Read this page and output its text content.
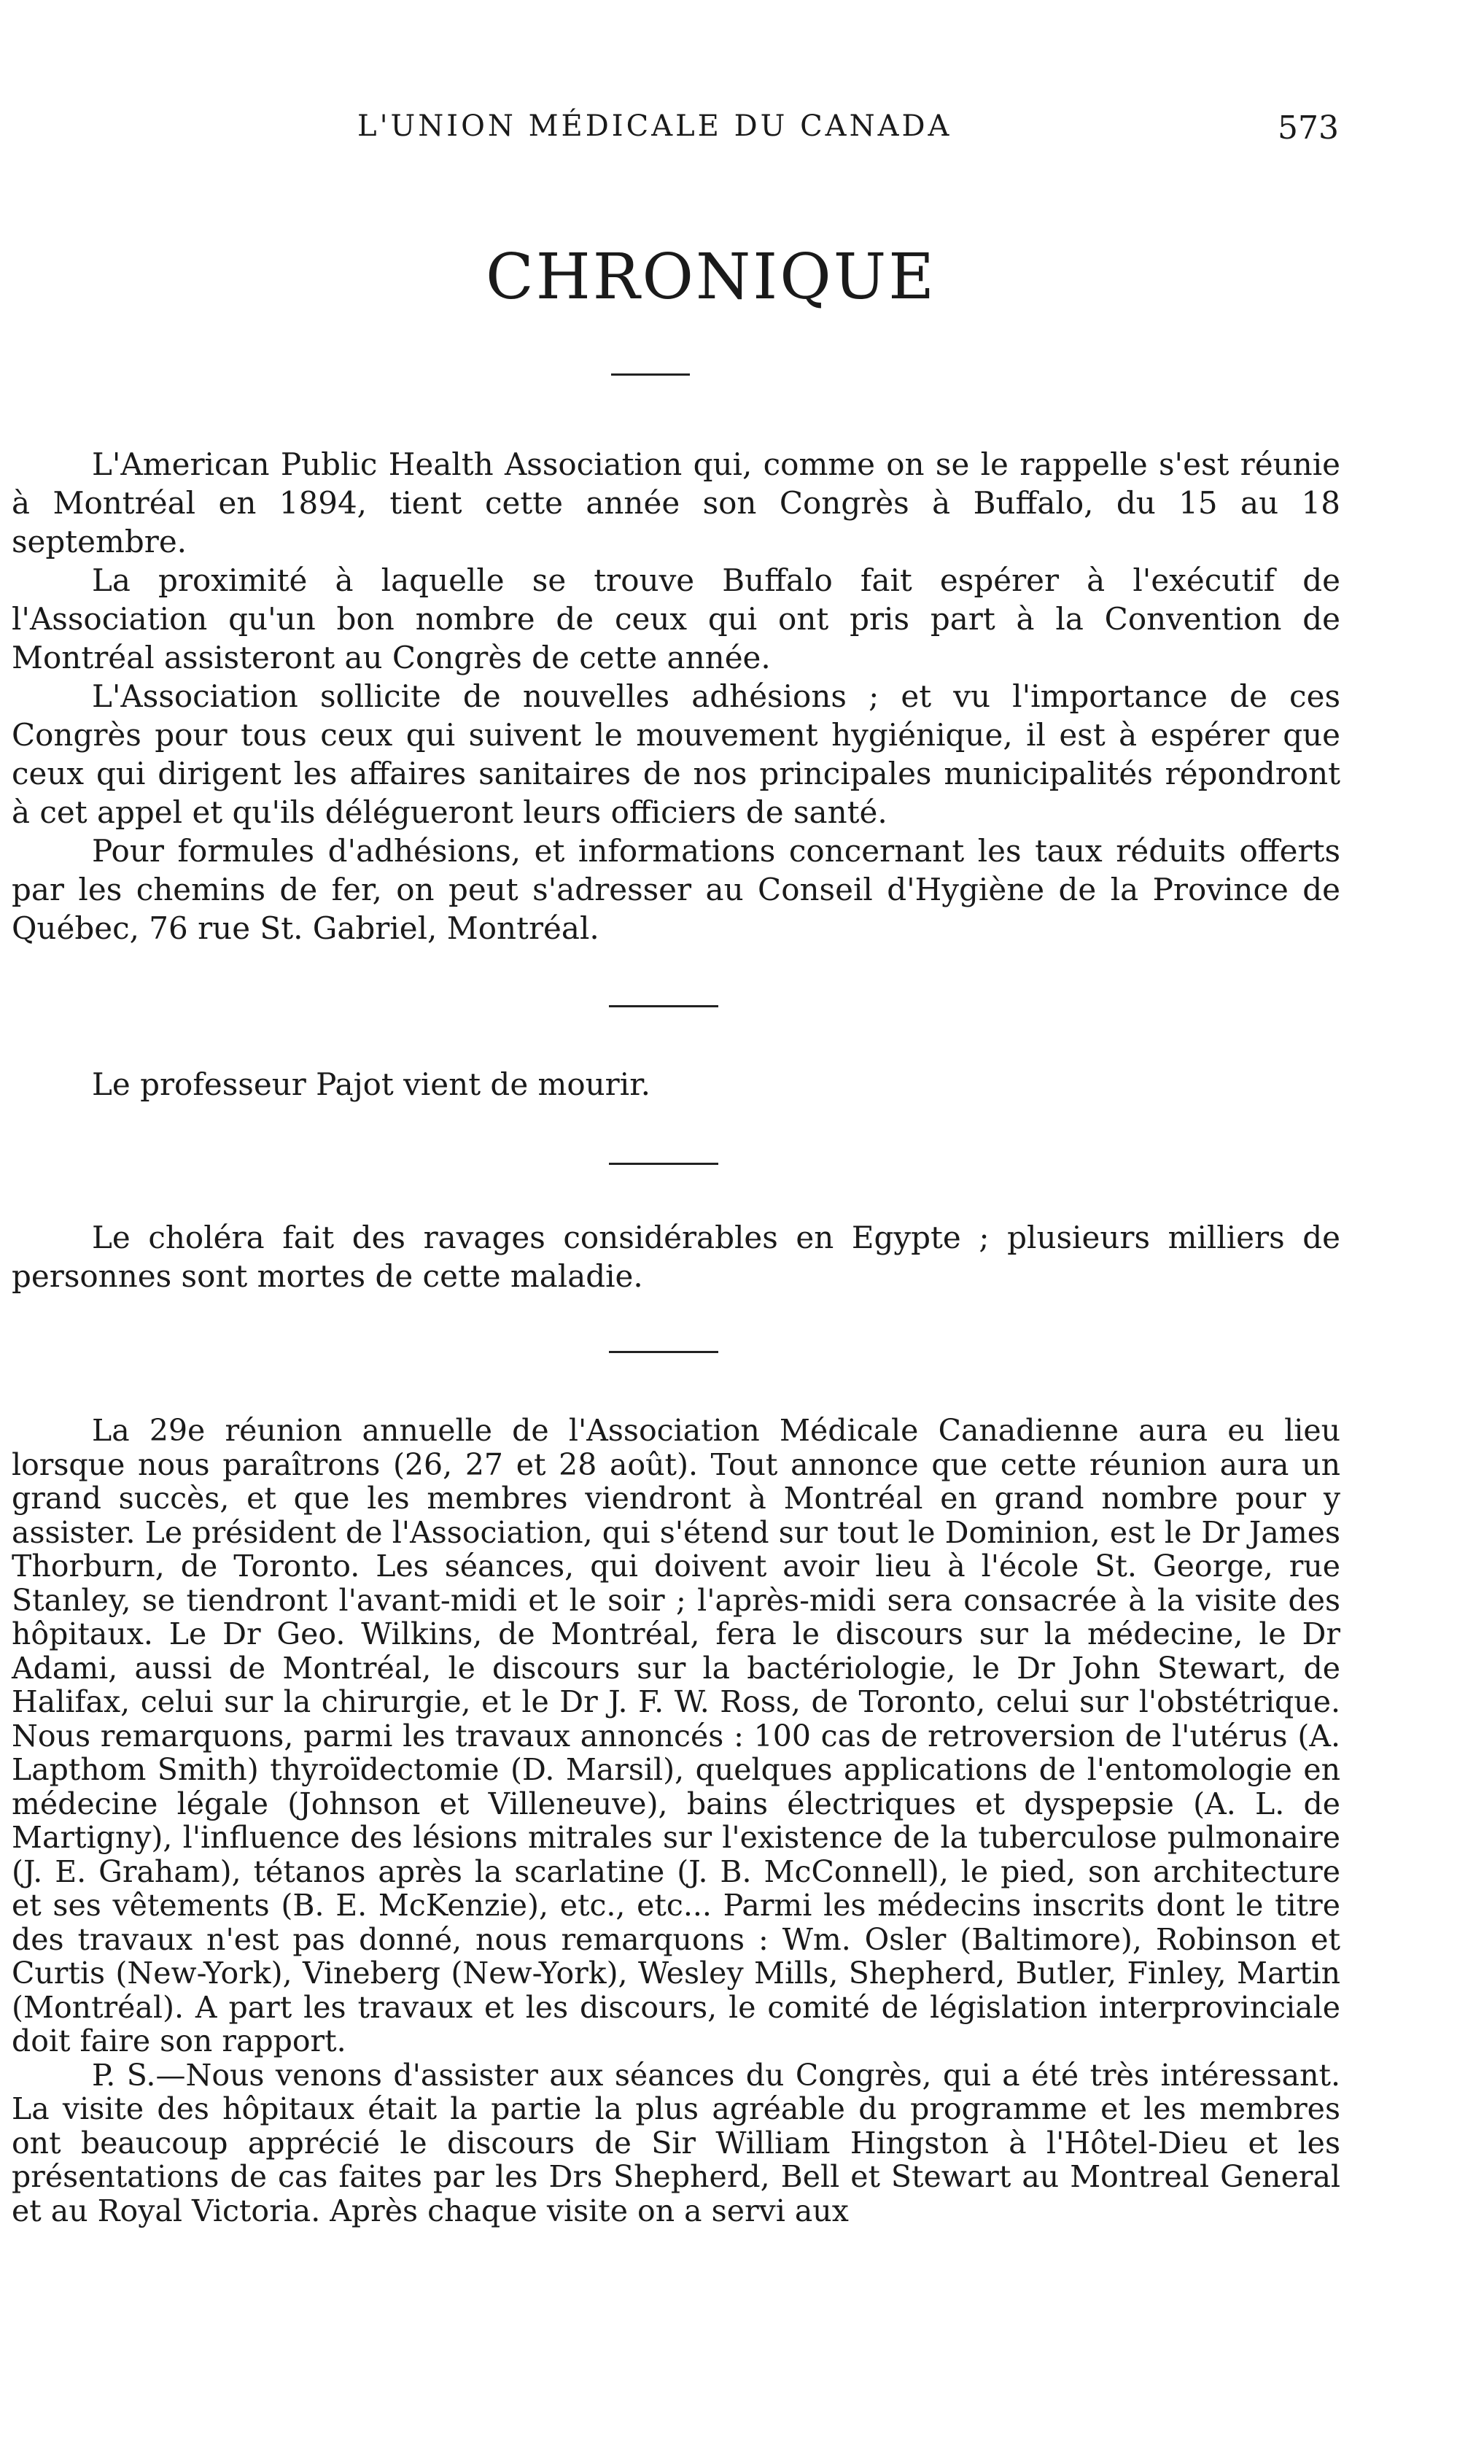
L'UNION MÉDICALE DU CANADA	573
CHRONIQUE

L'American Public Health Association qui, comme on se le rappelle s'est réunie à Montréal en 1894, tient cette année son Congrès à Buffalo, du 15 au 18 septembre.

La proximité à laquelle se trouve Buffalo fait espérer à l'exécutif de l'Association qu'un bon nombre de ceux qui ont pris part à la Convention de Montréal assisteront au Congrès de cette année.

L'Association sollicite de nouvelles adhésions ; et vu l'importance de ces Congrès pour tous ceux qui suivent le mouvement hygiénique, il est à espérer que ceux qui dirigent les affaires sanitaires de nos principales municipalités répondront à cet appel et qu'ils délégueront leurs officiers de santé.

Pour formules d'adhésions, et informations concernant les taux réduits offerts par les chemins de fer, on peut s'adresser au Conseil d'Hygiène de la Province de Québec, 76 rue St. Gabriel, Montréal.

Le professeur Pajot vient de mourir.

Le choléra fait des ravages considérables en Egypte ; plusieurs milliers de personnes sont mortes de cette maladie.

La 29e réunion annuelle de l'Association Médicale Canadienne aura eu lieu lorsque nous paraîtrons (26, 27 et 28 août). Tout annonce que cette réunion aura un grand succès, et que les membres viendront à Montréal en grand nombre pour y assister. Le président de l'Association, qui s'étend sur tout le Dominion, est le Dr James Thorburn, de Toronto. Les séances, qui doivent avoir lieu à l'école St. George, rue Stanley, se tiendront l'avant-midi et le soir ; l'après-midi sera consacrée à la visite des hôpitaux. Le Dr Geo. Wilkins, de Montréal, fera le discours sur la médecine, le Dr Adami, aussi de Montréal, le discours sur la bactériologie, le Dr John Stewart, de Halifax, celui sur la chirurgie, et le Dr J. F. W. Ross, de Toronto, celui sur l'obstétrique. Nous remarquons, parmi les travaux annoncés : 100 cas de retroversion de l'utérus (A. Lapthom Smith) thyroïdectomie (D. Marsil), quelques applications de l'entomologie en médecine légale (Johnson et Villeneuve), bains électriques et dyspepsie (A. L. de Martigny), l'influence des lésions mitrales sur l'existence de la tuberculose pulmonaire (J. E. Graham), tétanos après la scarlatine (J. B. McConnell), le pied, son architecture et ses vêtements (B. E. McKenzie), etc., etc... Parmi les médecins inscrits dont le titre des travaux n'est pas donné, nous remarquons : Wm. Osler (Baltimore), Robinson et Curtis (New-York), Vineberg (New-York), Wesley Mills, Shepherd, Butler, Finley, Martin (Montréal). A part les travaux et les discours, le comité de législation interprovinciale doit faire son rapport.

P. S.—Nous venons d'assister aux séances du Congrès, qui a été très intéressant. La visite des hôpitaux était la partie la plus agréable du programme et les membres ont beaucoup apprécié le discours de Sir William Hingston à l'Hôtel-Dieu et les présentations de cas faites par les Drs Shepherd, Bell et Stewart au Montreal General et au Royal Victoria. Après chaque visite on a servi aux
